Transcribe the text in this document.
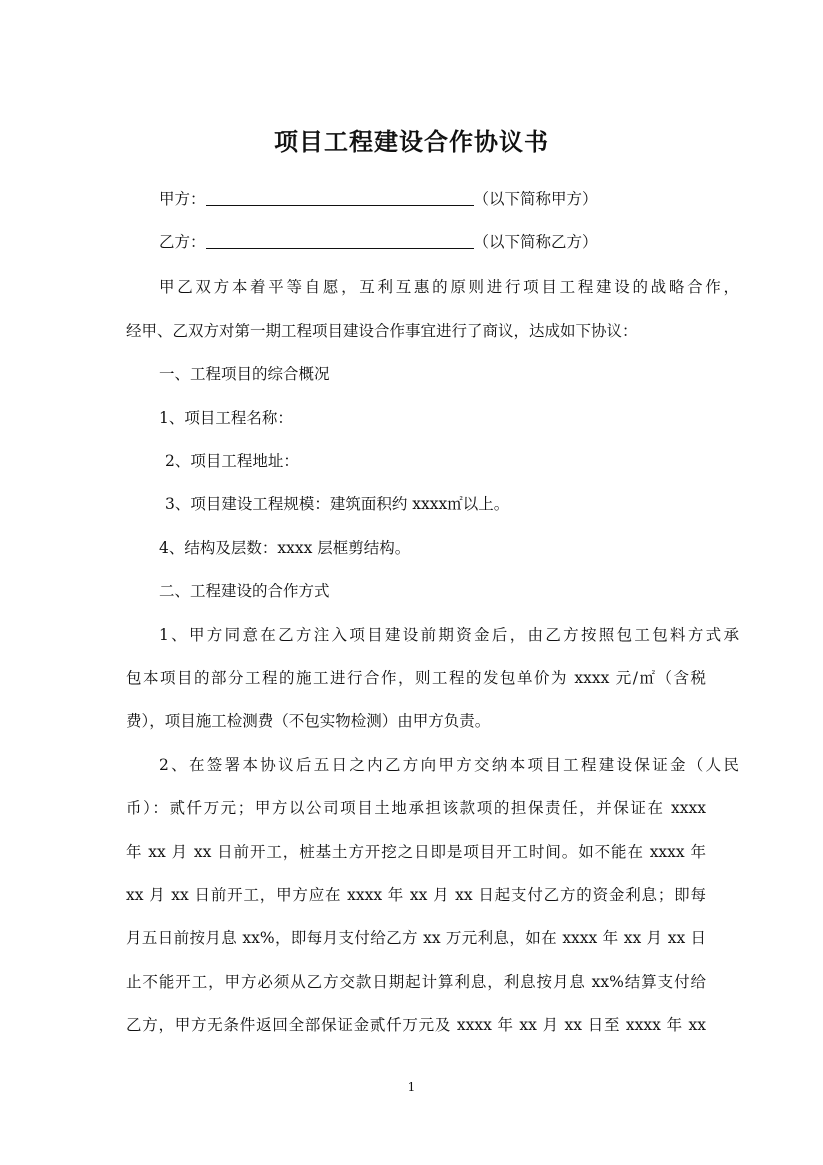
项目工程建设合作协议书
甲方：	（以下简称甲方）
乙方：	（以下简称乙方）
甲乙双方本着平等自愿，互利互惠的原则进行项目工程建设的战略合作，
经甲、乙双方对第一期工程项目建设合作事宜进行了商议，达成如下协议：
一、工程项目的综合概况
1、项目工程名称：
2、项目工程地址：
3、项目建设工程规模：建筑面积约 xxxx㎡以上。
4、结构及层数：xxxx 层框剪结构。
二、工程建设的合作方式
1、甲方同意在乙方注入项目建设前期资金后，由乙方按照包工包料方式承
包本项目的部分工程的施工进行合作，则工程的发包单价为 xxxx 元/㎡（含税
费），项目施工检测费（不包实物检测）由甲方负责。
2、在签署本协议后五日之内乙方向甲方交纳本项目工程建设保证金（人民
币）：贰仟万元；甲方以公司项目土地承担该款项的担保责任，并保证在 xxxx
年 xx 月 xx 日前开工，桩基土方开挖之日即是项目开工时间。如不能在 xxxx 年
xx 月 xx 日前开工，甲方应在 xxxx 年 xx 月 xx 日起支付乙方的资金利息；即每
月五日前按月息 xx%，即每月支付给乙方 xx 万元利息，如在 xxxx 年 xx 月 xx 日
止不能开工，甲方必须从乙方交款日期起计算利息，利息按月息 xx%结算支付给
乙方，甲方无条件返回全部保证金贰仟万元及 xxxx 年 xx 月 xx 日至 xxxx 年 xx
1
